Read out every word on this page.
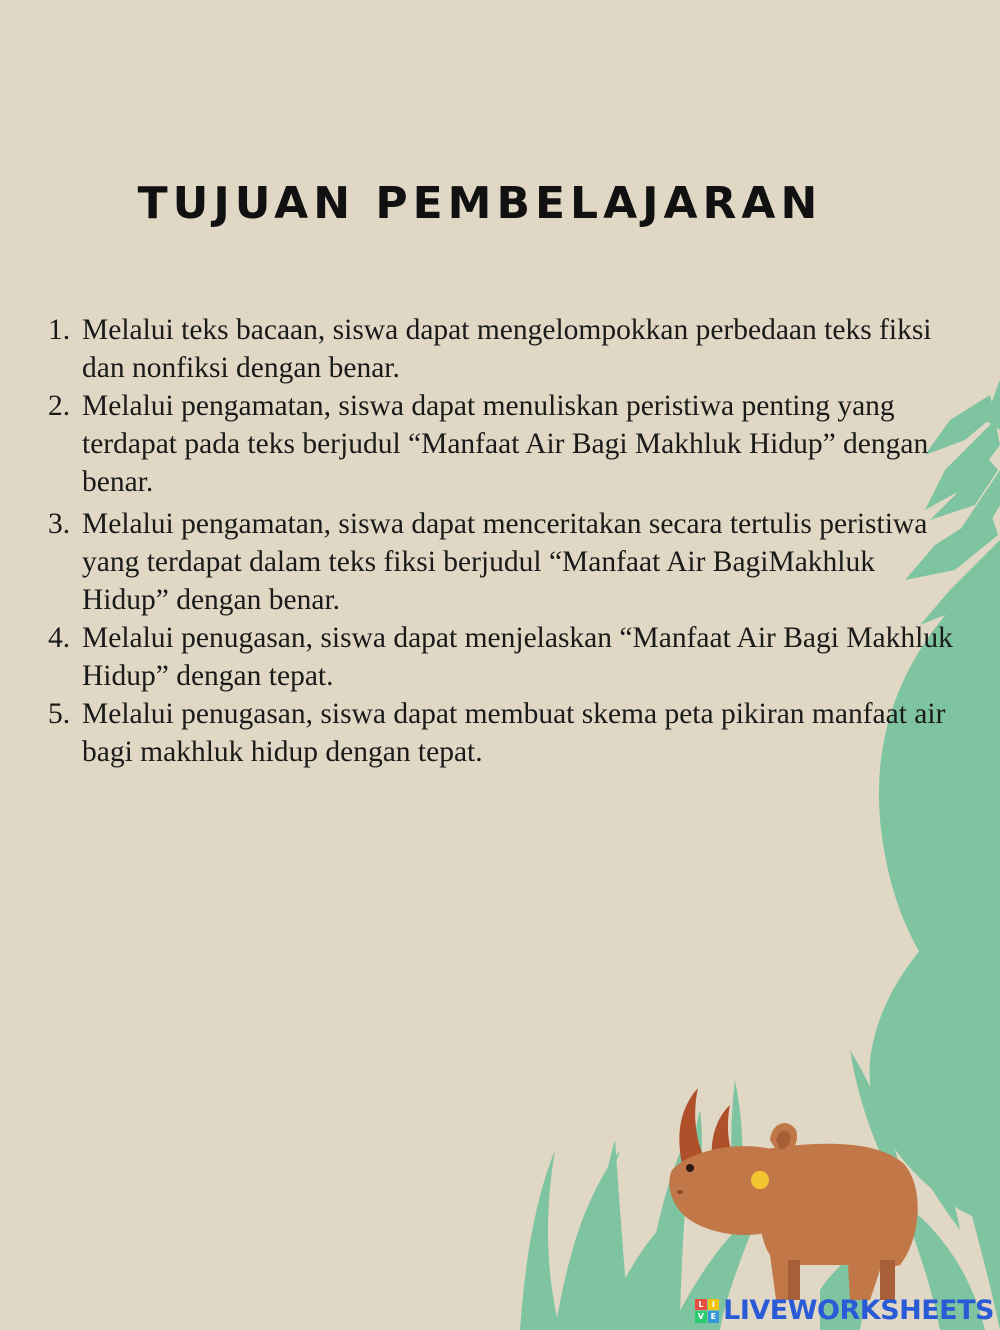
TUJUAN PEMBELAJARAN
1. Melalui teks bacaan, siswa dapat mengelompokkan perbedaan teks fiksi dan nonfiksi dengan benar.
2. Melalui pengamatan, siswa dapat menuliskan peristiwa penting yang terdapat pada teks berjudul “Manfaat Air Bagi Makhluk Hidup” dengan benar.
3. Melalui pengamatan, siswa dapat menceritakan secara tertulis peristiwa yang terdapat dalam teks fiksi berjudul “Manfaat Air BagiMakhluk Hidup” dengan benar.
4. Melalui penugasan, siswa dapat menjelaskan “Manfaat Air Bagi Makhluk Hidup” dengan tepat.
5. Melalui penugasan, siswa dapat membuat skema peta pikiran manfaat air bagi makhluk hidup dengan tepat.
L	I
V E LIVEWORKSHEETS
